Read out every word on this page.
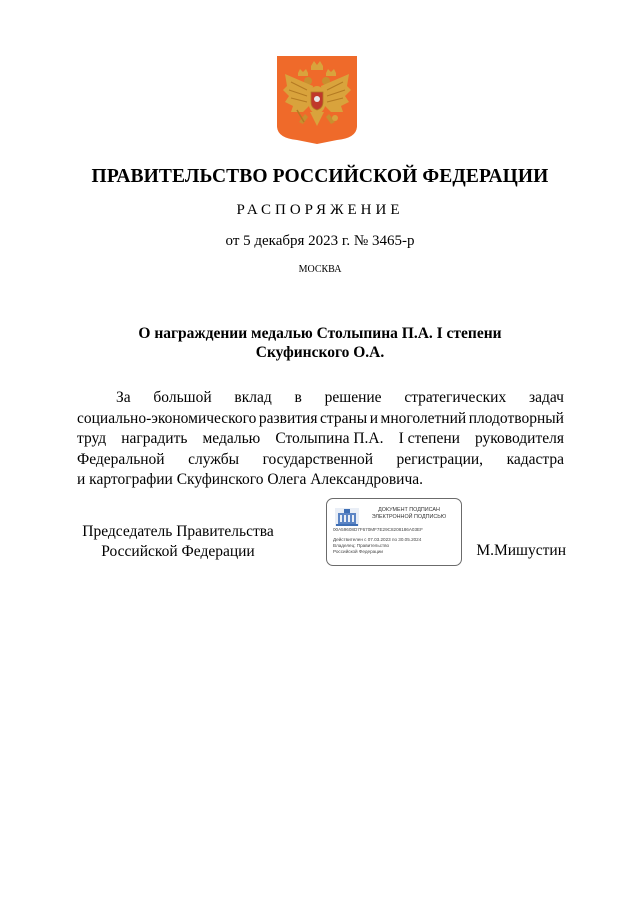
ПРАВИТЕЛЬСТВО РОССИЙСКОЙ ФЕДЕРАЦИИ
РАСПОРЯЖЕНИЕ
от 5 декабря 2023 г. № 3465-р
МОСКВА
О награждении медалью Столыпина П.А. I степени
Скуфинского О.А.
За большой вклад в решение стратегических задач
социально-экономического развития страны и многолетний плодотворный
труд наградить медалью Столыпина П.А. I степени руководителя
Федеральной службы государственной регистрации, кадастра
и картографии Скуфинского Олега Александровича.
Председатель Правительства
Российской Федерации
ДОКУМЕНТ ПОДПИСАН
ЭЛЕКТРОННОЙ ПОДПИСЬЮ
00A59608D7F670MF7E29C8208186A03EF
Действителен с 07.03.2023 по 30.05.2024
Владелец: Правительство Российской Федерации	М.Мишустин
